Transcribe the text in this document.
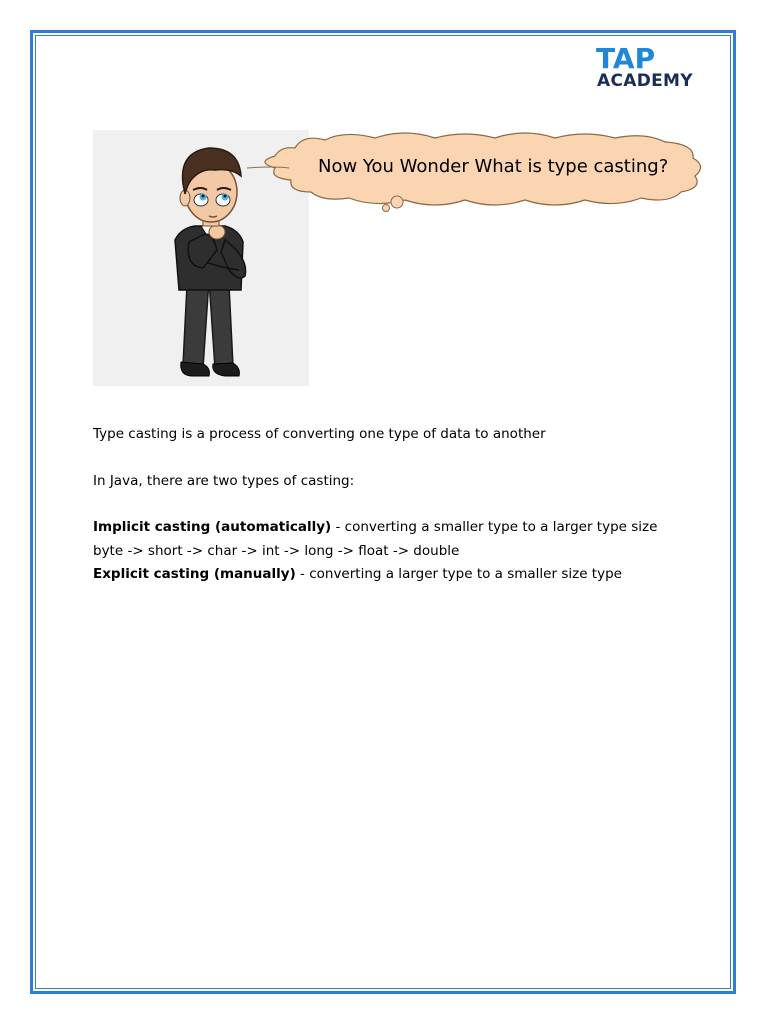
TAP
ACADEMY
Now You Wonder What is type casting?
Type casting is a process of converting one type of data to another
In Java, there are two types of casting:
Implicit casting (automatically) - converting a smaller type to a larger type size
byte -> short -> char -> int -> long -> float -> double
Explicit casting (manually) - converting a larger type to a smaller size type
